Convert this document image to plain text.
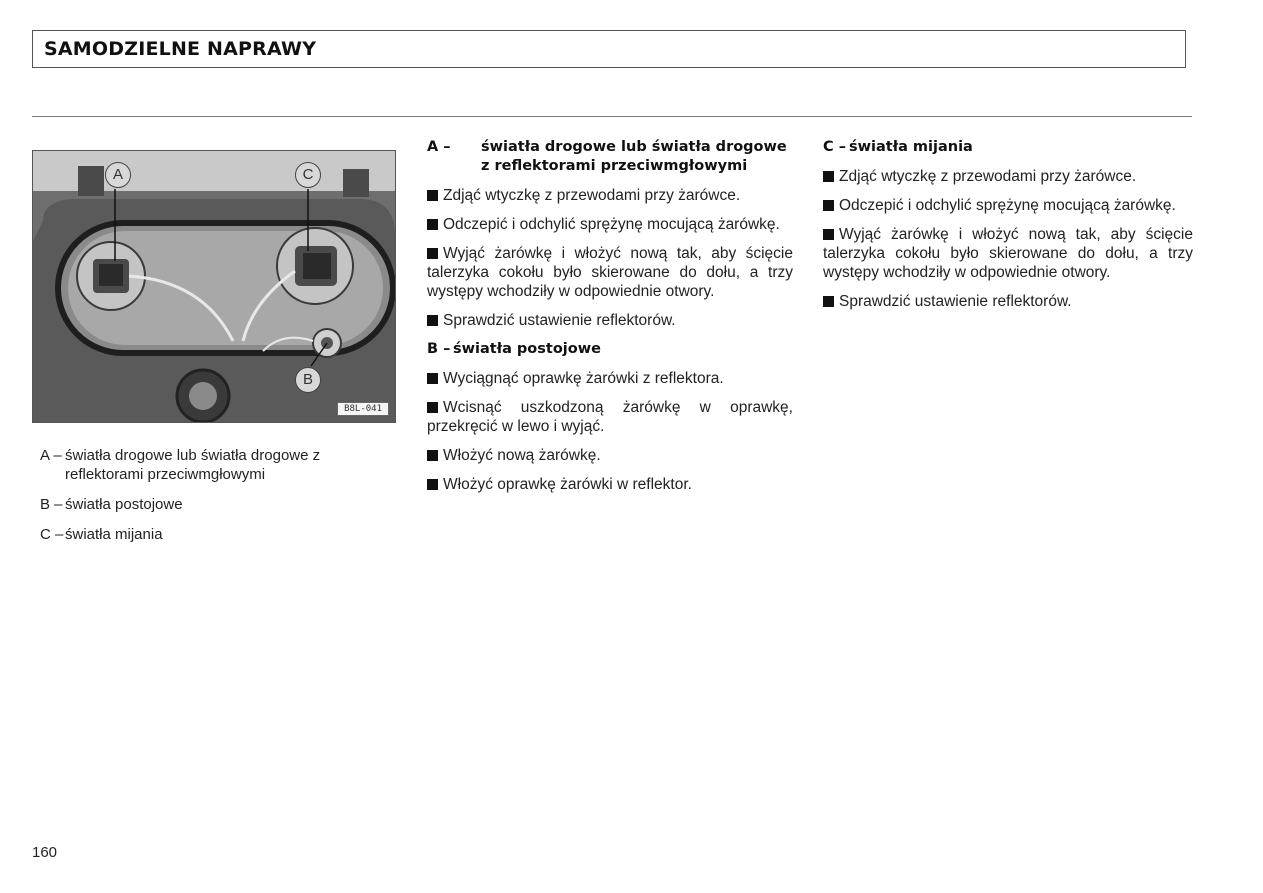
SAMODZIELNE NAPRAWY
A	C
B
B8L-041
A – światła drogowe lub światła drogowe z reflektorami przeciwmgłowymi
B – światła postojowe
C – światła mijania
A –	światła drogowe lub światła drogowe z reflektorami przeciwmgłowymi

Zdjąć wtyczkę z przewodami przy żarówce.

Odczepić i odchylić sprężynę mocującą żarówkę.

Wyjąć żarówkę i włożyć nową tak, aby ścięcie talerzyka cokołu było skierowane do dołu, a trzy występy wchodziły w odpowiednie otwory.

Sprawdzić ustawienie reflektorów.

B – światła postojowe

Wyciągnąć oprawkę żarówki z reflektora.

Wcisnąć uszkodzoną żarówkę w oprawkę, przekręcić w lewo i wyjąć.

Włożyć nową żarówkę.

Włożyć oprawkę żarówki w reflektor.

C – światła mijania

Zdjąć wtyczkę z przewodami przy żarówce.

Odczepić i odchylić sprężynę mocującą żarówkę.

Wyjąć żarówkę i włożyć nową tak, aby ścięcie talerzyka cokołu było skierowane do dołu, a trzy występy wchodziły w odpowiednie otwory.

Sprawdzić ustawienie reflektorów.

160
